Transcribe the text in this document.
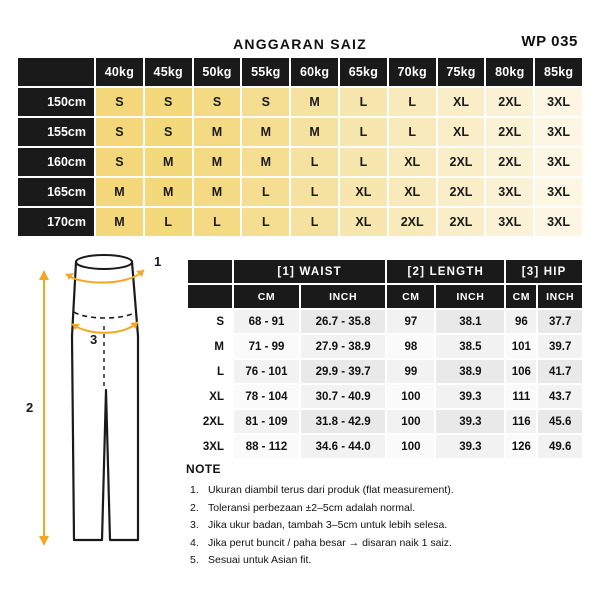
ANGGARAN SAIZ	WP 035
	40kg	45kg	50kg	55kg	60kg	65kg	70kg	75kg	80kg	85kg
150cm	S	S	S	S	M	L	L	XL	2XL	3XL
155cm	S	S	M	M	M	L	L	XL	2XL	3XL
160cm	S	M	M	M	L	L	XL	2XL	2XL	3XL
165cm	M	M	M	L	L	XL	XL	2XL	3XL	3XL
170cm	M	L	L	L	L	XL	2XL	2XL	3XL	3XL
1
3
2
	[1] WAIST		[2] LENGTH		[3] HIP	
	CM	INCH	CM	INCH	CM	INCH
S	68 - 91	26.7 - 35.8	97	38.1	96	37.7
M	71 - 99	27.9 - 38.9	98	38.5	101	39.7
L	76 - 101	29.9 - 39.7	99	38.9	106	41.7
XL	78 - 104	30.7 - 40.9	100	39.3	111	43.7
2XL	81 - 109	31.8 - 42.9	100	39.3	116	45.6
3XL	88 - 112	34.6 - 44.0	100	39.3	126	49.6
NOTE
1. Ukuran diambil terus dari produk (flat measurement).
2. Toleransi perbezaan ±2–5cm adalah normal.
3. Jika ukur badan, tambah 3–5cm untuk lebih selesa.
4. Jika perut buncit / paha besar → disaran naik 1 saiz.
5. Sesuai untuk Asian fit.
